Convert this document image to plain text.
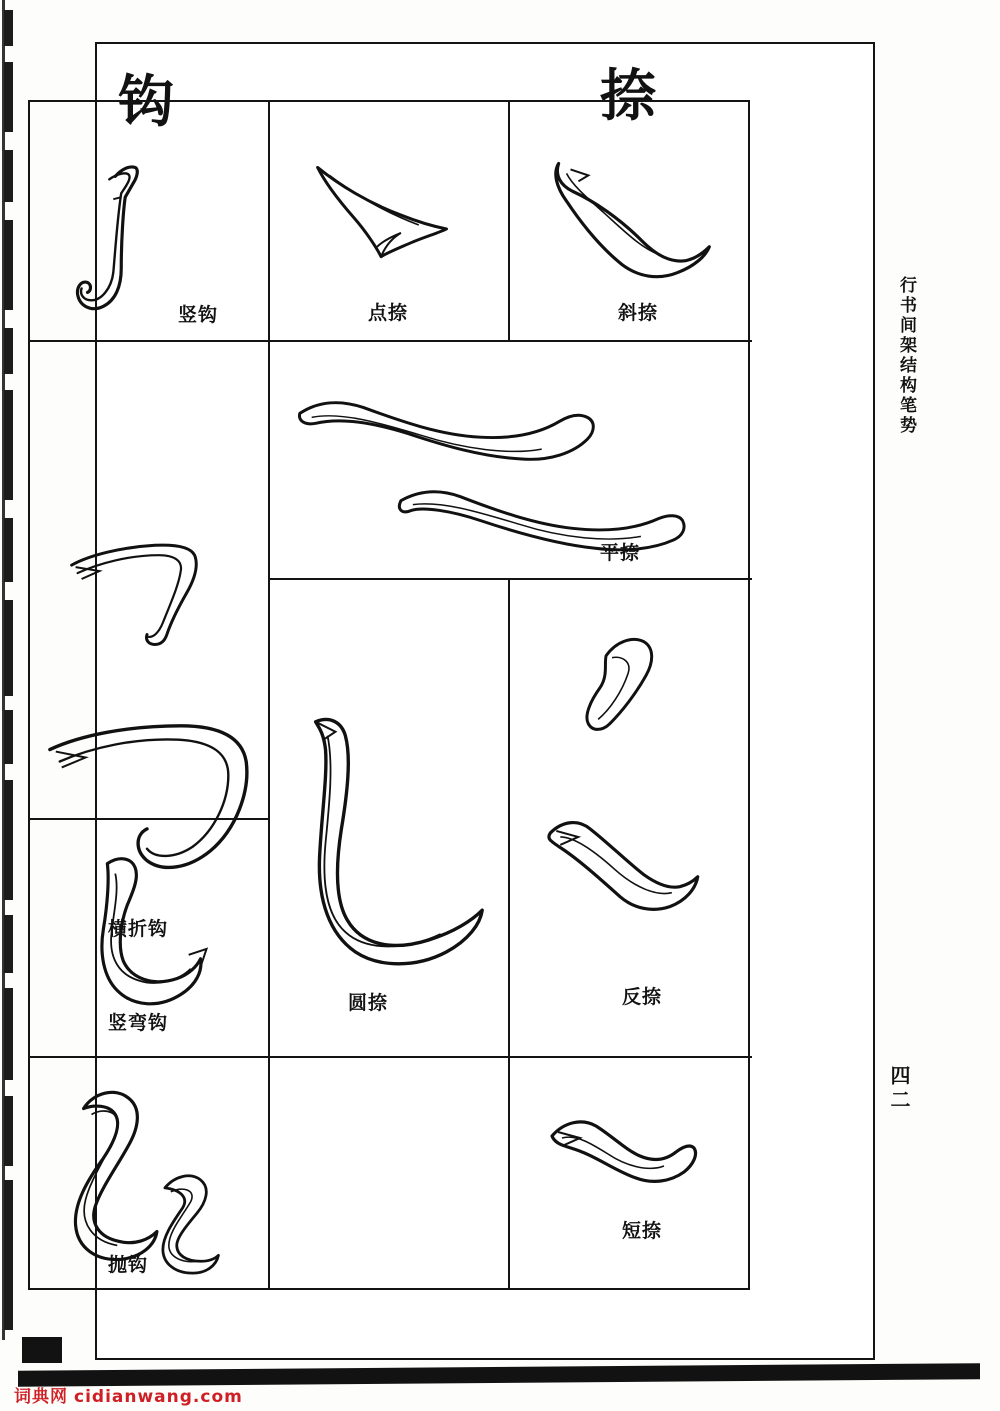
钩	捺
行书间架结构笔势
四二
竖钩	点捺	斜捺
横折钩
平捺
圆捺	反捺
竖弯钩
抛钩
短捺
词典网 cidianwang.com
